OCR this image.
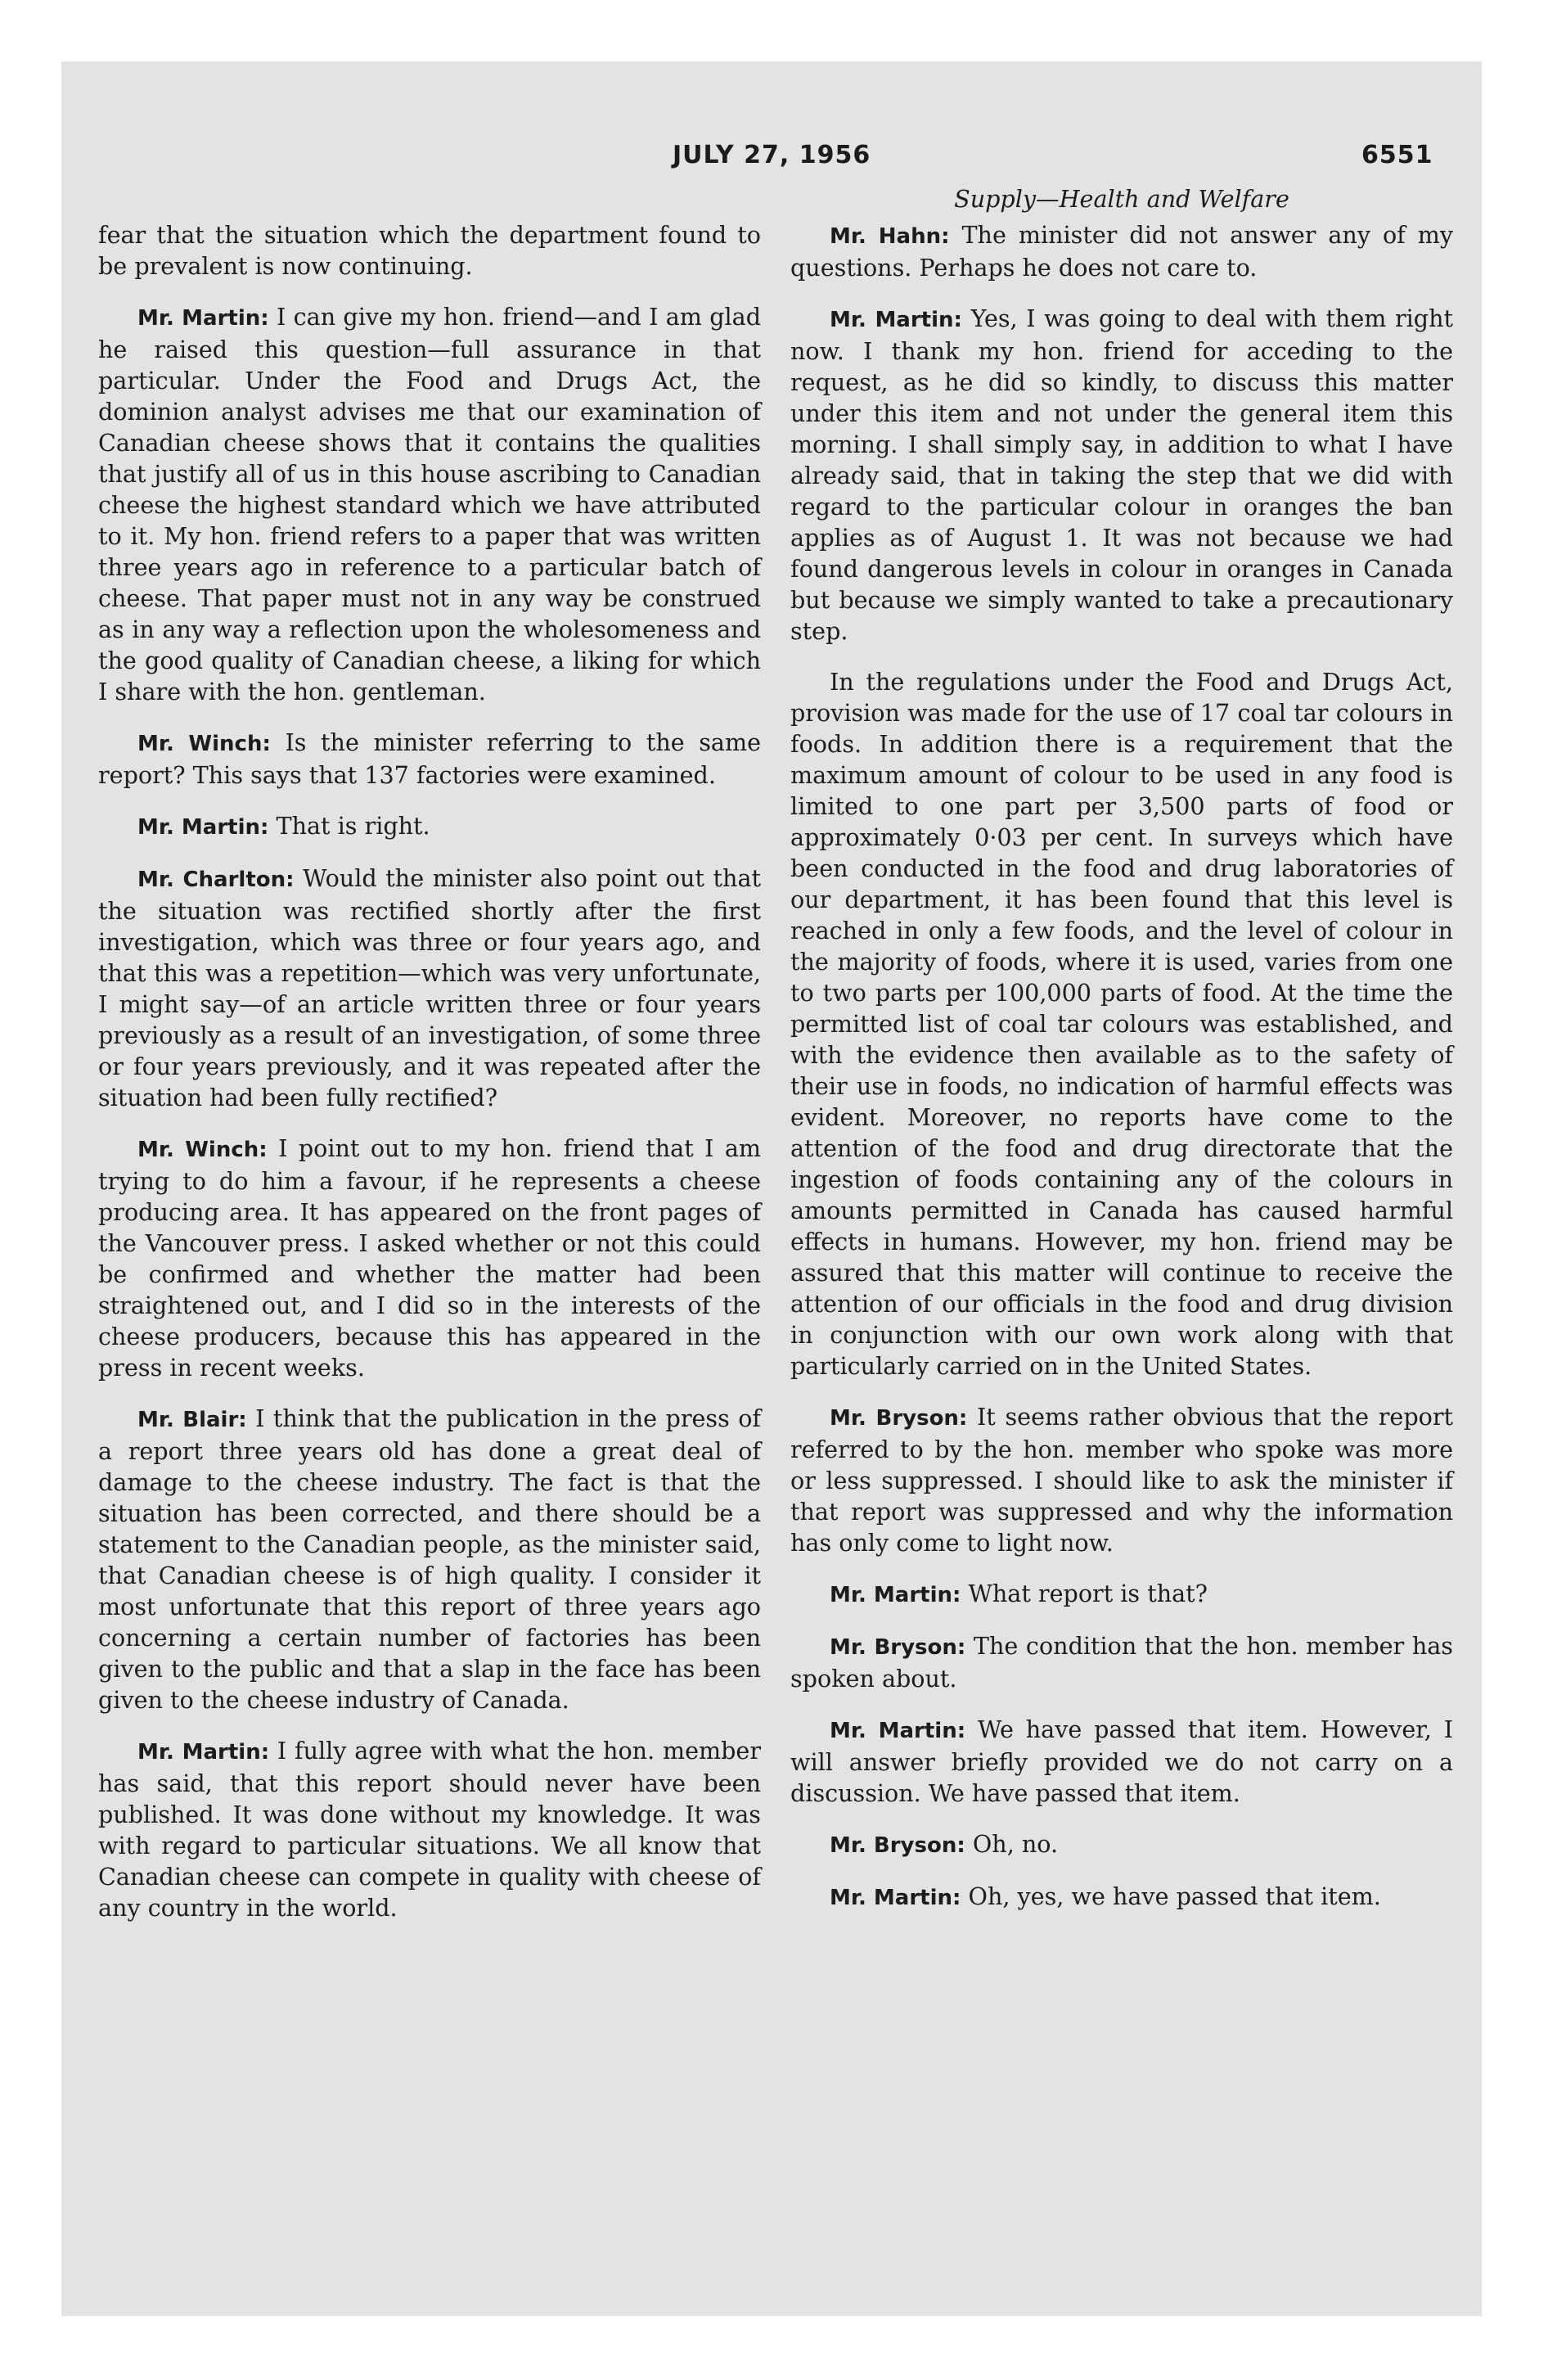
JULY 27, 1956	6551

fear that the situation which the department found to be prevalent is now continuing.

Mr. Martin: I can give my hon. friend—and I am glad he raised this question—full assurance in that particular. Under the Food and Drugs Act, the dominion analyst advises me that our examination of Canadian cheese shows that it contains the qualities that justify all of us in this house ascribing to Canadian cheese the highest standard which we have attributed to it. My hon. friend refers to a paper that was written three years ago in reference to a particular batch of cheese. That paper must not in any way be construed as in any way a reflection upon the wholesomeness and the good quality of Canadian cheese, a liking for which I share with the hon. gentleman.

Mr. Winch: Is the minister referring to the same report? This says that 137 factories were examined.

Mr. Martin: That is right.

Mr. Charlton: Would the minister also point out that the situation was rectified shortly after the first investigation, which was three or four years ago, and that this was a repetition—which was very unfortunate, I might say—of an article written three or four years previously as a result of an investigation, of some three or four years previously, and it was repeated after the situation had been fully rectified?

Mr. Winch: I point out to my hon. friend that I am trying to do him a favour, if he represents a cheese producing area. It has appeared on the front pages of the Vancouver press. I asked whether or not this could be confirmed and whether the matter had been straightened out, and I did so in the interests of the cheese producers, because this has appeared in the press in recent weeks.

Mr. Blair: I think that the publication in the press of a report three years old has done a great deal of damage to the cheese industry. The fact is that the situation has been corrected, and there should be a statement to the Canadian people, as the minister said, that Canadian cheese is of high quality. I consider it most unfortunate that this report of three years ago concerning a certain number of factories has been given to the public and that a slap in the face has been given to the cheese industry of Canada.

Mr. Martin: I fully agree with what the hon. member has said, that this report should never have been published. It was done without my knowledge. It was with regard to particular situations. We all know that Canadian cheese can compete in quality with cheese of any country in the world.

Supply—Health and Welfare

Mr. Hahn: The minister did not answer any of my questions. Perhaps he does not care to.

Mr. Martin: Yes, I was going to deal with them right now. I thank my hon. friend for acceding to the request, as he did so kindly, to discuss this matter under this item and not under the general item this morning. I shall simply say, in addition to what I have already said, that in taking the step that we did with regard to the particular colour in oranges the ban applies as of August 1. It was not because we had found dangerous levels in colour in oranges in Canada but because we simply wanted to take a precautionary step.

In the regulations under the Food and Drugs Act, provision was made for the use of 17 coal tar colours in foods. In addition there is a requirement that the maximum amount of colour to be used in any food is limited to one part per 3,500 parts of food or approximately 0·03 per cent. In surveys which have been conducted in the food and drug laboratories of our department, it has been found that this level is reached in only a few foods, and the level of colour in the majority of foods, where it is used, varies from one to two parts per 100,000 parts of food. At the time the permitted list of coal tar colours was established, and with the evidence then available as to the safety of their use in foods, no indication of harmful effects was evident. Moreover, no reports have come to the attention of the food and drug directorate that the ingestion of foods containing any of the colours in amounts permitted in Canada has caused harmful effects in humans. However, my hon. friend may be assured that this matter will continue to receive the attention of our officials in the food and drug division in conjunction with our own work along with that particularly carried on in the United States.

Mr. Bryson: It seems rather obvious that the report referred to by the hon. member who spoke was more or less suppressed. I should like to ask the minister if that report was suppressed and why the information has only come to light now.

Mr. Martin: What report is that?

Mr. Bryson: The condition that the hon. member has spoken about.

Mr. Martin: We have passed that item. However, I will answer briefly provided we do not carry on a discussion. We have passed that item.

Mr. Bryson: Oh, no.

Mr. Martin: Oh, yes, we have passed that item.
